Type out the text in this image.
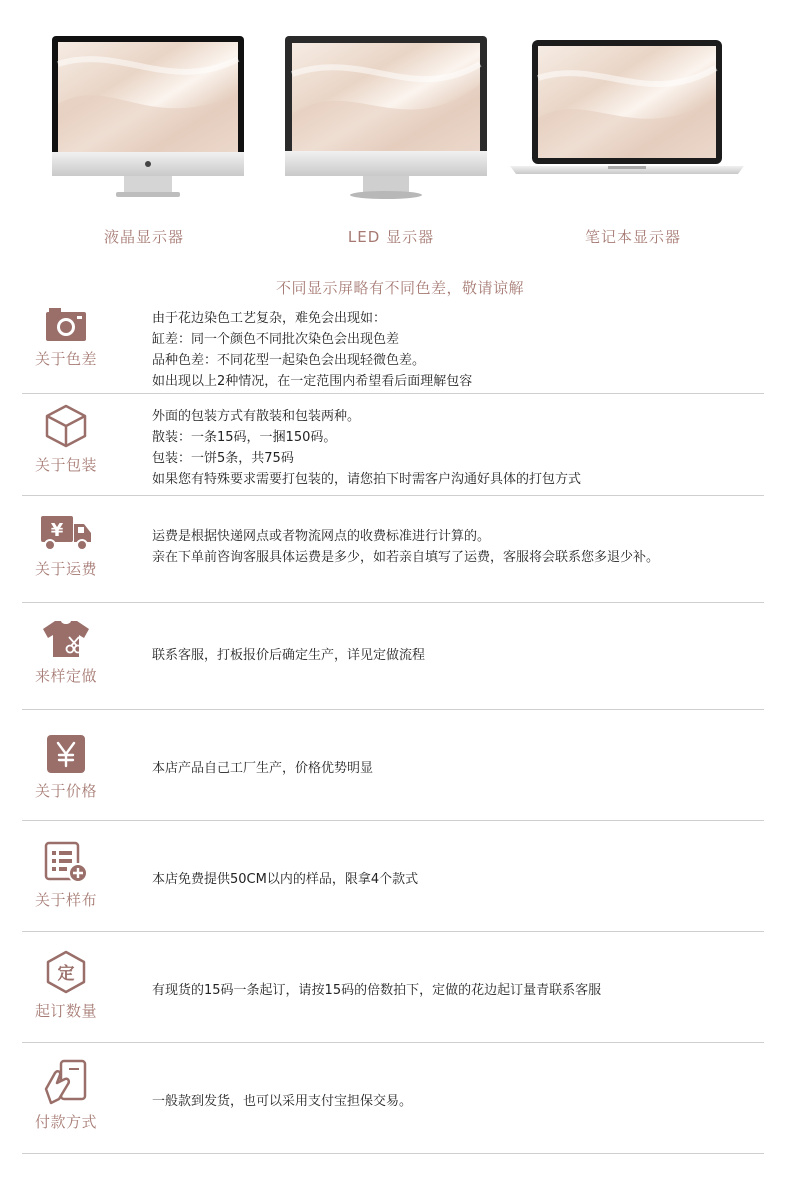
液晶显示器	LED 显示器	笔记本显示器
不同显示屏略有不同色差，敬请谅解
关于色差
由于花边染色工艺复杂，难免会出现如：
缸差：同一个颜色不同批次染色会出现色差
品种色差：不同花型一起染色会出现轻微色差。
如出现以上2种情况，在一定范围内希望看后面理解包容
关于包装
外面的包装方式有散装和包装两种。
散装：一条15码，一捆150码。
包装：一饼5条，共75码
如果您有特殊要求需要打包装的，请您拍下时需客户沟通好具体的打包方式
¥
关于运费
运费是根据快递网点或者物流网点的收费标准进行计算的。
亲在下单前咨询客服具体运费是多少，如若亲自填写了运费，客服将会联系您多退少补。
来样定做
联系客服，打板报价后确定生产，详见定做流程
关于价格
本店产品自己工厂生产，价格优势明显
关于样布
本店免费提供50CM以内的样品，限拿4个款式
定
起订数量
有现货的15码一条起订，请按15码的倍数拍下，定做的花边起订量青联系客服
付款方式
一般款到发货，也可以采用支付宝担保交易。
